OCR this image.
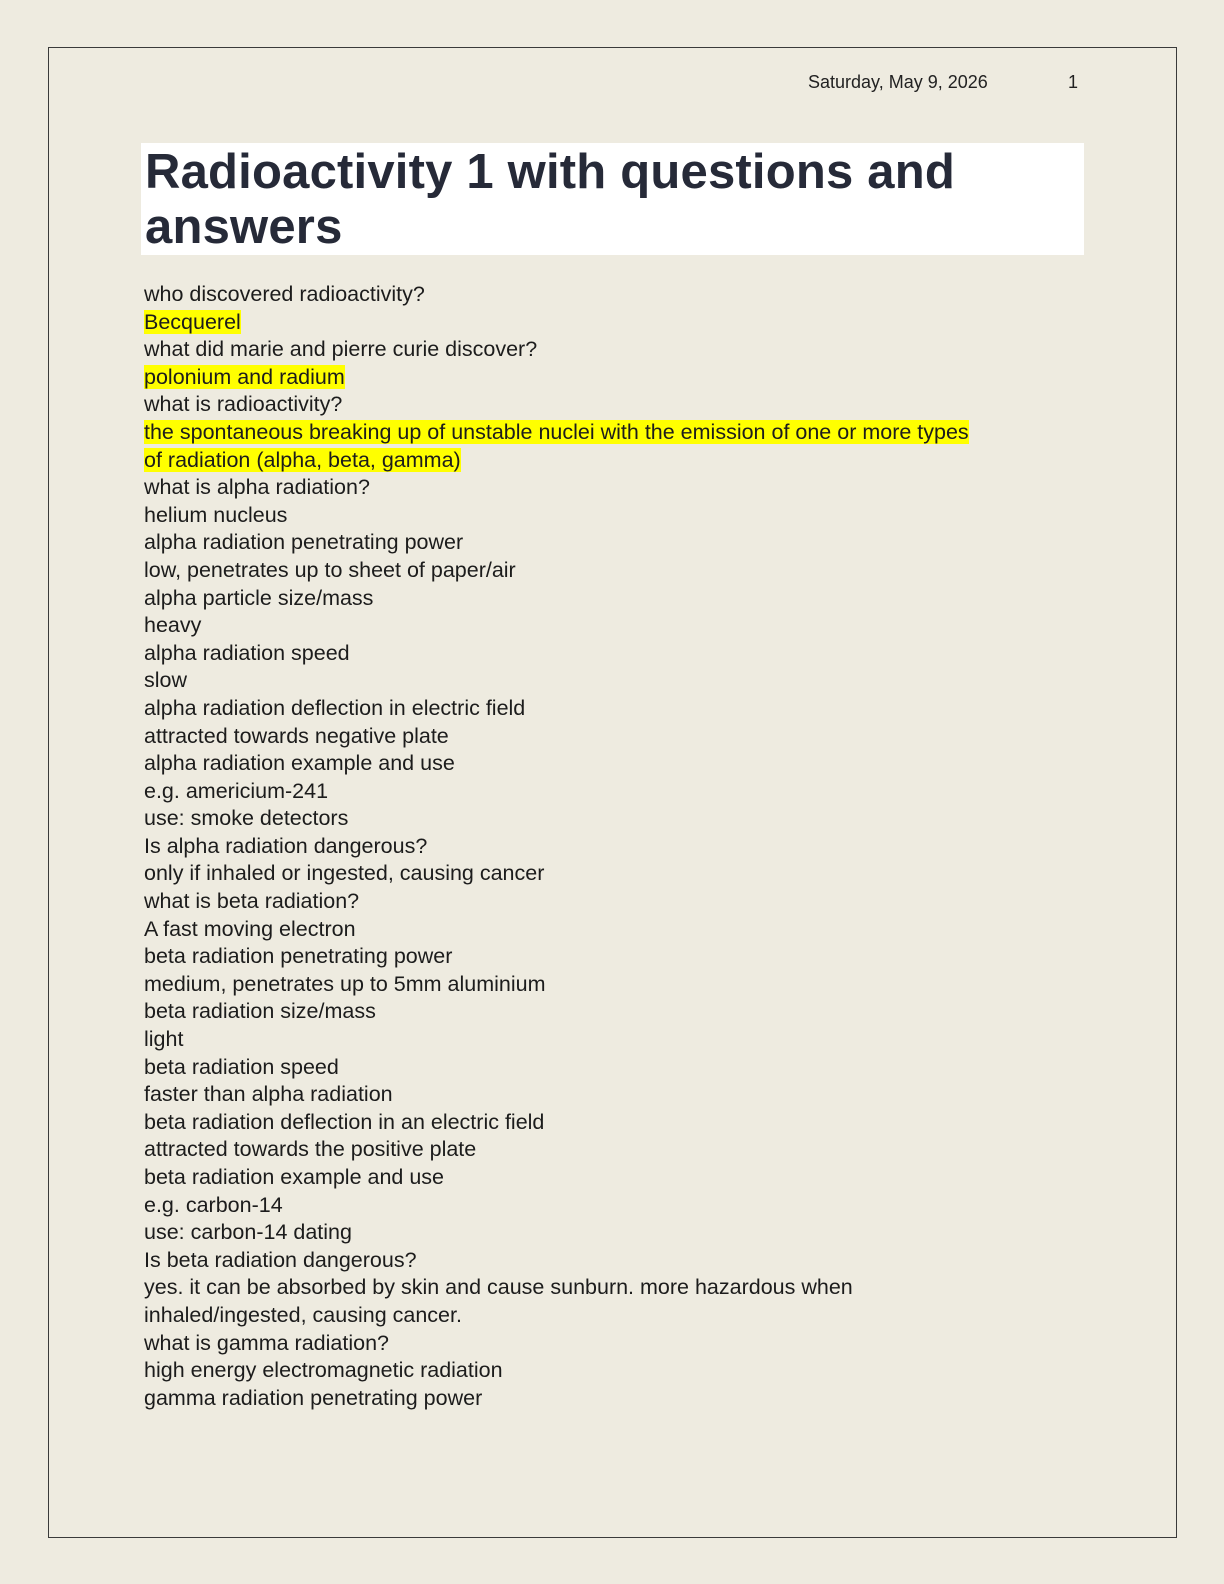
Saturday, May 9, 2026	1
Radioactivity 1 with questions and answers
who discovered radioactivity?
Becquerel
what did marie and pierre curie discover?
polonium and radium
what is radioactivity?
the spontaneous breaking up of unstable nuclei with the emission of one or more types
of radiation (alpha, beta, gamma)
what is alpha radiation?
helium nucleus
alpha radiation penetrating power
low, penetrates up to sheet of paper/air
alpha particle size/mass
heavy
alpha radiation speed
slow
alpha radiation deflection in electric field
attracted towards negative plate
alpha radiation example and use
e.g. americium-241
use: smoke detectors
Is alpha radiation dangerous?
only if inhaled or ingested, causing cancer
what is beta radiation?
A fast moving electron
beta radiation penetrating power
medium, penetrates up to 5mm aluminium
beta radiation size/mass
light
beta radiation speed
faster than alpha radiation
beta radiation deflection in an electric field
attracted towards the positive plate
beta radiation example and use
e.g. carbon-14
use: carbon-14 dating
Is beta radiation dangerous?
yes. it can be absorbed by skin and cause sunburn. more hazardous when
inhaled/ingested, causing cancer.
what is gamma radiation?
high energy electromagnetic radiation
gamma radiation penetrating power
